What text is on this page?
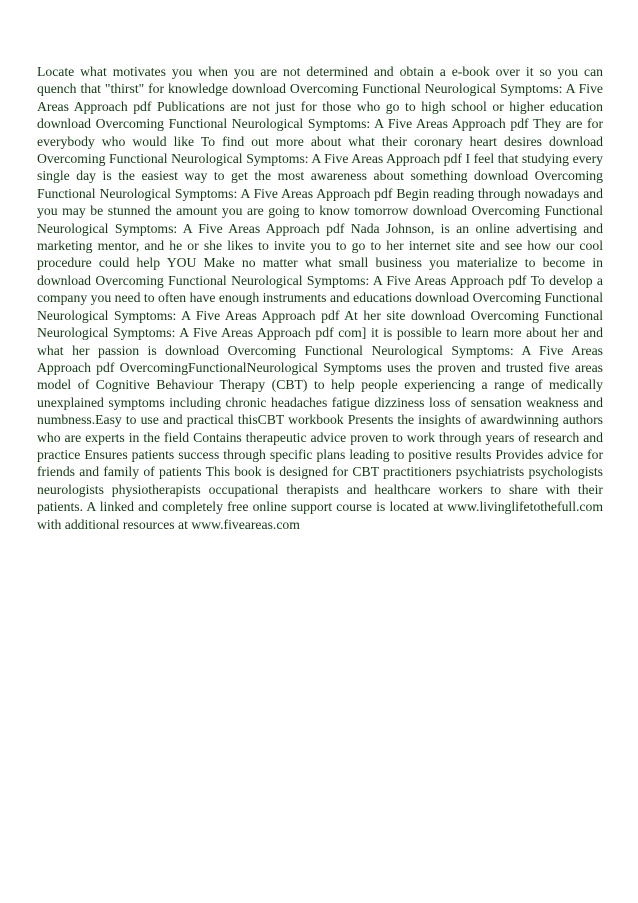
Locate what motivates you when you are not determined and obtain a e-book over it so you can quench that "thirst" for knowledge download Overcoming Functional Neurological Symptoms: A Five Areas Approach pdf Publications are not just for those who go to high school or higher education download Overcoming Functional Neurological Symptoms: A Five Areas Approach pdf They are for everybody who would like To find out more about what their coronary heart desires download Overcoming Functional Neurological Symptoms: A Five Areas Approach pdf I feel that studying every single day is the easiest way to get the most awareness about something download Overcoming Functional Neurological Symptoms: A Five Areas Approach pdf Begin reading through nowadays and you may be stunned the amount you are going to know tomorrow download Overcoming Functional Neurological Symptoms: A Five Areas Approach pdf Nada Johnson, is an online advertising and marketing mentor, and he or she likes to invite you to go to her internet site and see how our cool procedure could help YOU Make no matter what small business you materialize to become in download Overcoming Functional Neurological Symptoms: A Five Areas Approach pdf To develop a company you need to often have enough instruments and educations download Overcoming Functional Neurological Symptoms: A Five Areas Approach pdf At her site download Overcoming Functional Neurological Symptoms: A Five Areas Approach pdf com] it is possible to learn more about her and what her passion is download Overcoming Functional Neurological Symptoms: A Five Areas Approach pdf OvercomingFunctionalNeurological Symptoms uses the proven and trusted five areas model of Cognitive Behaviour Therapy (CBT) to help people experiencing a range of medically unexplained symptoms including chronic headaches fatigue dizziness loss of sensation weakness and numbness.Easy to use and practical thisCBT workbook Presents the insights of awardwinning authors who are experts in the field Contains therapeutic advice proven to work through years of research and practice Ensures patients success through specific plans leading to positive results Provides advice for friends and family of patients This book is designed for CBT practitioners psychiatrists psychologists neurologists physiotherapists occupational therapists and healthcare workers to share with their patients. A linked and completely free online support course is located at www.livinglifetothefull.com with additional resources at www.fiveareas.com
